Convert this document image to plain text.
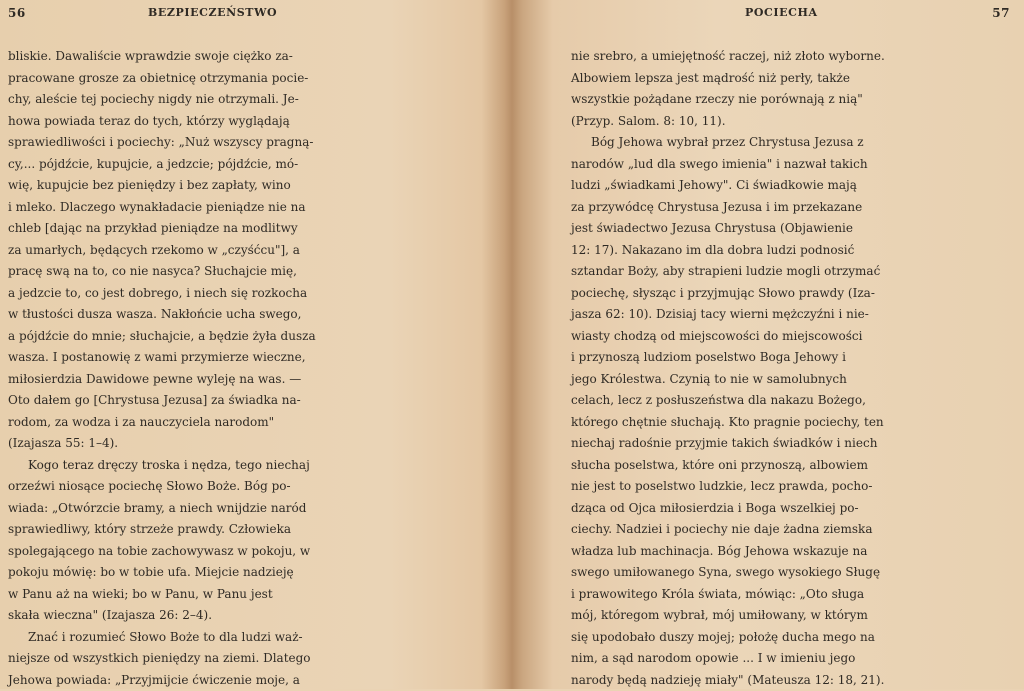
56	BEZPIECZEŃSTWO
bliskie. Dawaliście wprawdzie swoje ciężko za-
pracowane grosze za obietnicę otrzymania pocie-
chy, aleście tej pociechy nigdy nie otrzymali. Je-
howa powiada teraz do tych, którzy wyglądają
sprawiedliwości i pociechy: „Nuż wszyscy pragną-
cy,... pójdźcie, kupujcie, a jedzcie; pójdźcie, mó-
wię, kupujcie bez pieniędzy i bez zapłaty, wino
i mleko. Dlaczego wynakładacie pieniądze nie na
chleb [dając na przykład pieniądze na modlitwy
za umarłych, będących rzekomo w „czyśćcu"], a
pracę swą na to, co nie nasyca? Słuchajcie mię,
a jedzcie to, co jest dobrego, i niech się rozkocha
w tłustości dusza wasza. Nakłońcie ucha swego,
a pójdźcie do mnie; słuchajcie, a będzie żyła dusza
wasza. I postanowię z wami przymierze wieczne,
miłosierdzia Dawidowe pewne wyleję na was. —
Oto dałem go [Chrystusa Jezusa] za świadka na-
rodom, za wodza i za nauczyciela narodom"
(Izajasza 55: 1–4).
Kogo teraz dręczy troska i nędza, tego niechaj
orzeźwi niosące pociechę Słowo Boże. Bóg po-
wiada: „Otwórzcie bramy, a niech wnijdzie naród
sprawiedliwy, który strzeże prawdy. Człowieka
spolegającego na tobie zachowywasz w pokoju, w
pokoju mówię: bo w tobie ufa. Miejcie nadzieję
w Panu aż na wieki; bo w Panu, w Panu jest
skała wieczna" (Izajasza 26: 2–4).
Znać i rozumieć Słowo Boże to dla ludzi waż-
niejsze od wszystkich pieniędzy na ziemi. Dlatego
Jehowa powiada: „Przyjmijcie ćwiczenie moje, a
POCIECHA	57
nie srebro, a umiejętność raczej, niż złoto wyborne.
Albowiem lepsza jest mądrość niż perły, także
wszystkie pożądane rzeczy nie porównają z nią"
(Przyp. Salom. 8: 10, 11).
Bóg Jehowa wybrał przez Chrystusa Jezusa z
narodów „lud dla swego imienia" i nazwał takich
ludzi „świadkami Jehowy". Ci świadkowie mają
za przywódcę Chrystusa Jezusa i im przekazane
jest świadectwo Jezusa Chrystusa (Objawienie
12: 17). Nakazano im dla dobra ludzi podnosić
sztandar Boży, aby strapieni ludzie mogli otrzymać
pociechę, słysząc i przyjmując Słowo prawdy (Iza-
jasza 62: 10). Dzisiaj tacy wierni mężczyźni i nie-
wiasty chodzą od miejscowości do miejscowości
i przynoszą ludziom poselstwo Boga Jehowy i
jego Królestwa. Czynią to nie w samolubnych
celach, lecz z posłuszeństwa dla nakazu Bożego,
którego chętnie słuchają. Kto pragnie pociechy, ten
niechaj radośnie przyjmie takich świadków i niech
słucha poselstwa, które oni przynoszą, albowiem
nie jest to poselstwo ludzkie, lecz prawda, pocho-
dząca od Ojca miłosierdzia i Boga wszelkiej po-
ciechy. Nadziei i pociechy nie daje żadna ziemska
władza lub machinacja. Bóg Jehowa wskazuje na
swego umiłowanego Syna, swego wysokiego Sługę
i prawowitego Króla świata, mówiąc: „Oto sługa
mój, któregom wybrał, mój umiłowany, w którym
się upodobało duszy mojej; położę ducha mego na
nim, a sąd narodom opowie ... I w imieniu jego
narody będą nadzieję miały" (Mateusza 12: 18, 21).
